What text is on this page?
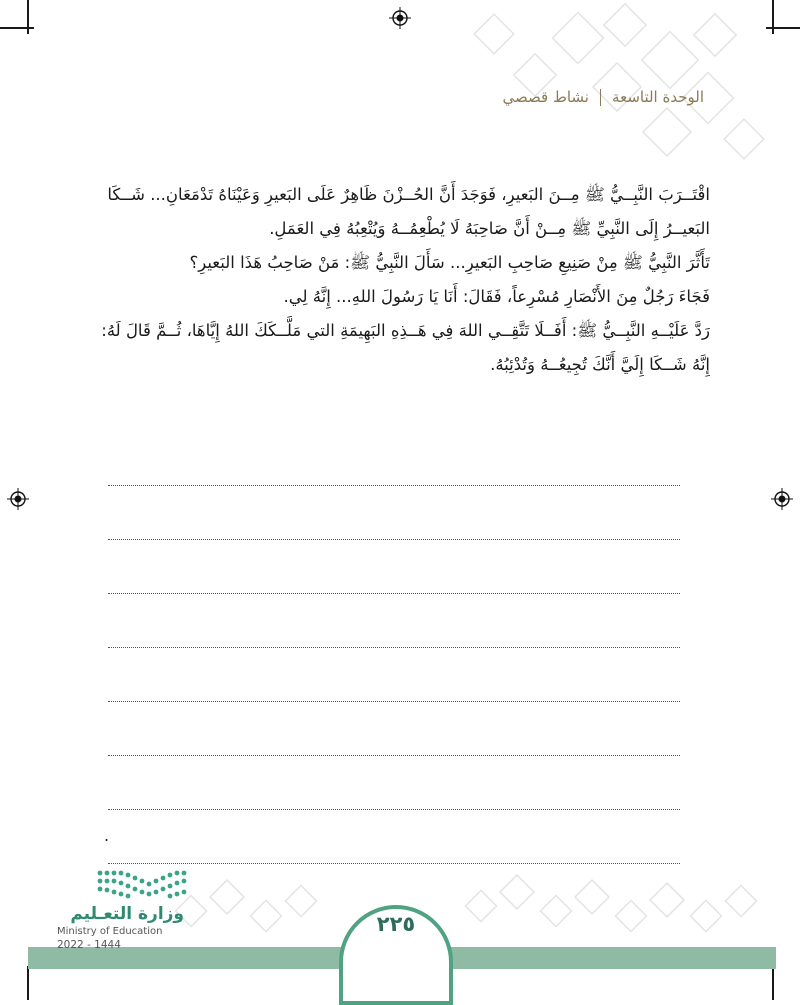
الوحدة التاسعة  نشاط قصصي

اقْتَــرَبَ النَّبِــيُّ ﷺ مِــنَ البَعيرِ، فَوَجَدَ أَنَّ الحُــزْنَ ظَاهِرٌ عَلَى البَعيرِ وَعَيْنَاهُ تَدْمَعَانِ... شَــكَا

البَعيــرُ إِلَى النَّبِيِّ ﷺ مِــنْ أَنَّ صَاحِبَهُ لَا يُطْعِمُــهُ وَيُتْعِبُهُ فِي العَمَلِ.

تَأَثَّرَ النَّبِيُّ ﷺ مِنْ صَنِيعِ صَاحِبِ البَعيرِ... سَأَلَ النَّبِيُّ ﷺ: مَنْ صَاحِبُ هَذَا البَعيرِ؟

فَجَاءَ رَجُلٌ مِنَ الأَنْصَارِ مُسْرِعاً، فَقَالَ: أَنَا يَا رَسُولَ اللهِ... إِنَّهُ لِي.

رَدَّ عَلَيْــهِ النَّبِــيُّ ﷺ: أَفَــلَا تَتَّقِــي اللهَ فِي هَــذِهِ البَهِيمَةِ التي مَلَّــكَكَ اللهُ إِيَّاهَا، ثُــمَّ قَالَ لَهُ:

إِنَّهُ شَــكَا إِلَيَّ أَنَّكَ تُجِيعُــهُ وَتُدْئِبُهُ.

.
٢٢٥
وزارة التعـليم
Ministry of Education
2022 - 1444
